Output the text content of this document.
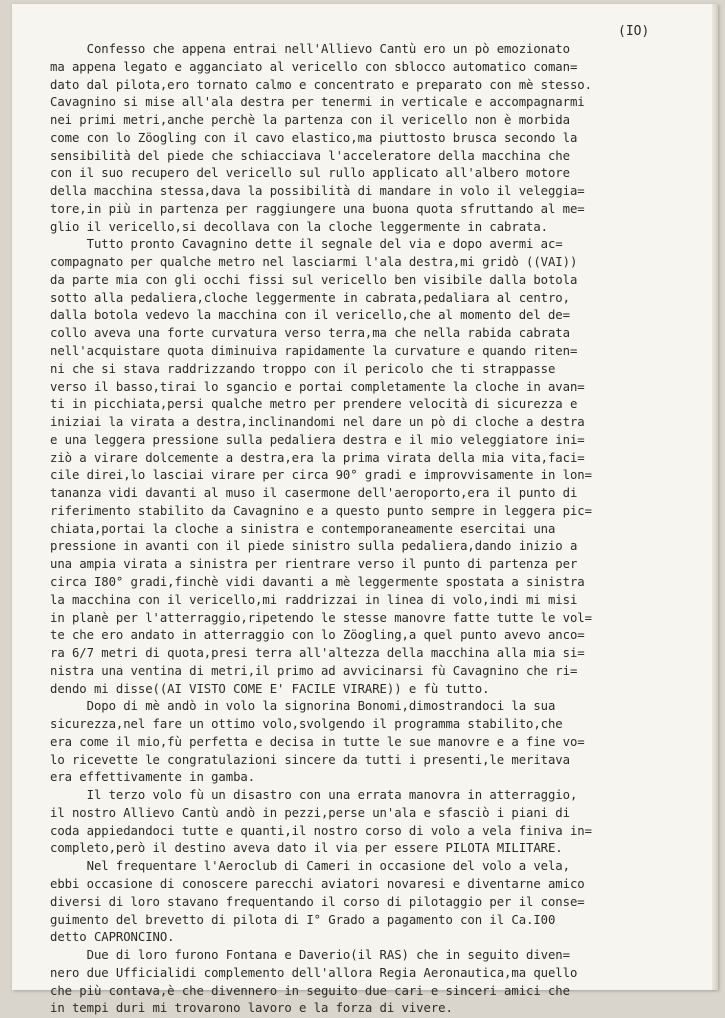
(IO)
Confesso che appena entrai nell'Allievo Cantù ero un pò emozionato
ma appena legato e agganciato al vericello con sblocco automatico coman=
dato dal pilota,ero tornato calmo e concentrato e preparato con mè stesso.
Cavagnino si mise all'ala destra per tenermi in verticale e accompagnarmi
nei primi metri,anche perchè la partenza con il vericello non è morbida
come con lo Zöogling con il cavo elastico,ma piuttosto brusca secondo la
sensibilità del piede che schiacciava l'acceleratore della macchina che
con il suo recupero del vericello sul rullo applicato all'albero motore
della macchina stessa,dava la possibilità di mandare in volo il veleggia=
tore,in più in partenza per raggiungere una buona quota sfruttando al me=
glio il vericello,si decollava con la cloche leggermente in cabrata.
Tutto pronto Cavagnino dette il segnale del via e dopo avermi ac=
compagnato per qualche metro nel lasciarmi l'ala destra,mi gridò ((VAI))
da parte mia con gli occhi fissi sul vericello ben visibile dalla botola
sotto alla pedaliera,cloche leggermente in cabrata,pedaliara al centro,
dalla botola vedevo la macchina con il vericello,che al momento del de=
collo aveva una forte curvatura verso terra,ma che nella rabida cabrata
nell'acquistare quota diminuiva rapidamente la curvature e quando riten=
ni che si stava raddrizzando troppo con il pericolo che ti strappasse
verso il basso,tirai lo sgancio e portai completamente la cloche in avan=
ti in picchiata,persi qualche metro per prendere velocità di sicurezza e
iniziai la virata a destra,inclinandomi nel dare un pò di cloche a destra
e una leggera pressione sulla pedaliera destra e il mio veleggiatore ini=
ziò a virare dolcemente a destra,era la prima virata della mia vita,faci=
cile direi,lo lasciai virare per circa 90° gradi e improvvisamente in lon=
tananza vidi davanti al muso il casermone dell'aeroporto,era il punto di
riferimento stabilito da Cavagnino e a questo punto sempre in leggera pic=
chiata,portai la cloche a sinistra e contemporaneamente esercitai una
pressione in avanti con il piede sinistro sulla pedaliera,dando inizio a
una ampia virata a sinistra per rientrare verso il punto di partenza per
circa I80° gradi,finchè vidi davanti a mè leggermente spostata a sinistra
la macchina con il vericello,mi raddrizzai in linea di volo,indi mi misi
in planè per l'atterraggio,ripetendo le stesse manovre fatte tutte le vol=
te che ero andato in atterraggio con lo Zöogling,a quel punto avevo anco=
ra 6/7 metri di quota,presi terra all'altezza della macchina alla mia si=
nistra una ventina di metri,il primo ad avvicinarsi fù Cavagnino che ri=
dendo mi disse((AI VISTO COME E' FACILE VIRARE)) e fù tutto.
Dopo di mè andò in volo la signorina Bonomi,dimostrandoci la sua
sicurezza,nel fare un ottimo volo,svolgendo il programma stabilito,che
era come il mio,fù perfetta e decisa in tutte le sue manovre e a fine vo=
lo ricevette le congratulazioni sincere da tutti i presenti,le meritava
era effettivamente in gamba.
Il terzo volo fù un disastro con una errata manovra in atterraggio,
il nostro Allievo Cantù andò in pezzi,perse un'ala e sfasciò i piani di
coda appiedandoci tutte e quanti,il nostro corso di volo a vela finiva in=
completo,però il destino aveva dato il via per essere PILOTA MILITARE.
Nel frequentare l'Aeroclub di Cameri in occasione del volo a vela,
ebbi occasione di conoscere parecchi aviatori novaresi e diventarne amico
diversi di loro stavano frequentando il corso di pilotaggio per il conse=
guimento del brevetto di pilota di I° Grado a pagamento con il Ca.I00
detto CAPRONCINO.
Due di loro furono Fontana e Daverio(il RAS) che in seguito diven=
nero due Ufficialidi complemento dell'allora Regia Aeronautica,ma quello
che più contava,è che divennero in seguito due cari e sinceri amici che
in tempi duri mi trovarono lavoro e la forza di vivere.
